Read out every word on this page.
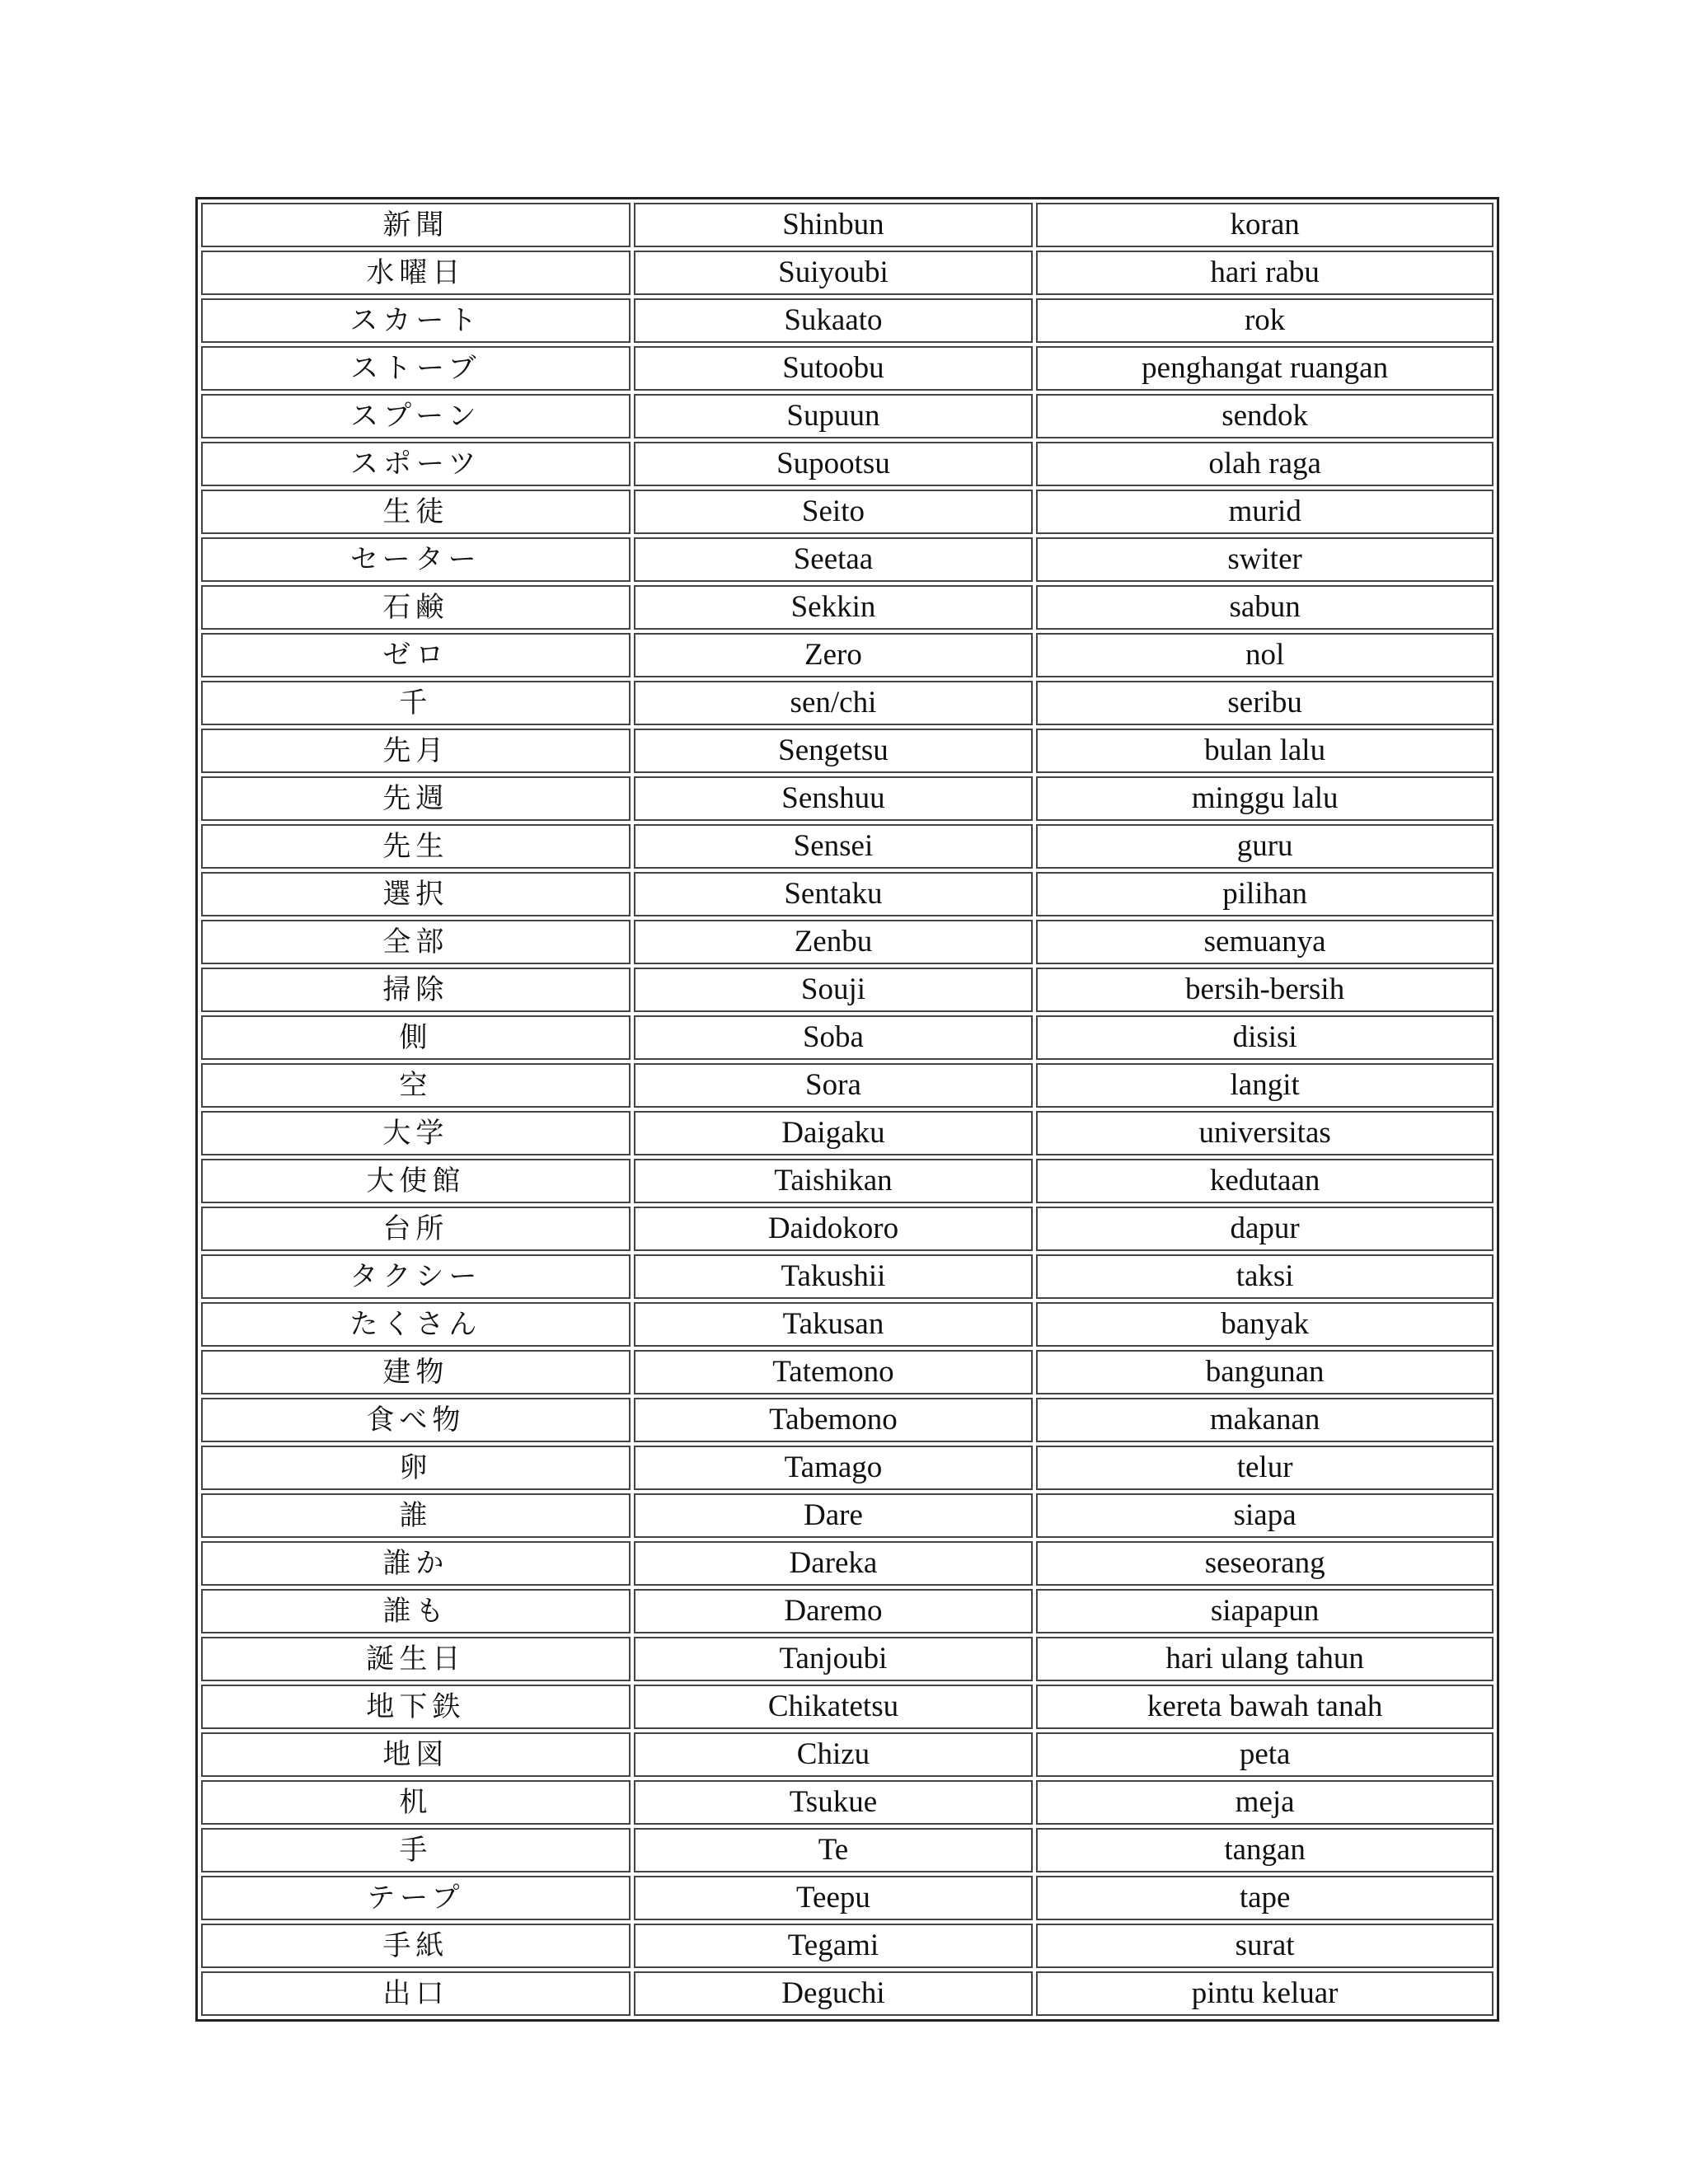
新聞	Shinbun	koran
水曜日	Suiyoubi	hari rabu
スカート	Sukaato	rok
ストーブ	Sutoobu	penghangat ruangan
スプーン	Supuun	sendok
スポーツ	Supootsu	olah raga
生徒	Seito	murid
セーター	Seetaa	switer
石鹸	Sekkin	sabun
ゼロ	Zero	nol
千	sen/chi	seribu
先月	Sengetsu	bulan lalu
先週	Senshuu	minggu lalu
先生	Sensei	guru
選択	Sentaku	pilihan
全部	Zenbu	semuanya
掃除	Souji	bersih-bersih
側	Soba	disisi
空	Sora	langit
大学	Daigaku	universitas
大使館	Taishikan	kedutaan
台所	Daidokoro	dapur
タクシー	Takushii	taksi
たくさん	Takusan	banyak
建物	Tatemono	bangunan
食べ物	Tabemono	makanan
卵	Tamago	telur
誰	Dare	siapa
誰か	Dareka	seseorang
誰も	Daremo	siapapun
誕生日	Tanjoubi	hari ulang tahun
地下鉄	Chikatetsu	kereta bawah tanah
地図	Chizu	peta
机	Tsukue	meja
手	Te	tangan
テープ	Teepu	tape
手紙	Tegami	surat
出口	Deguchi	pintu keluar
